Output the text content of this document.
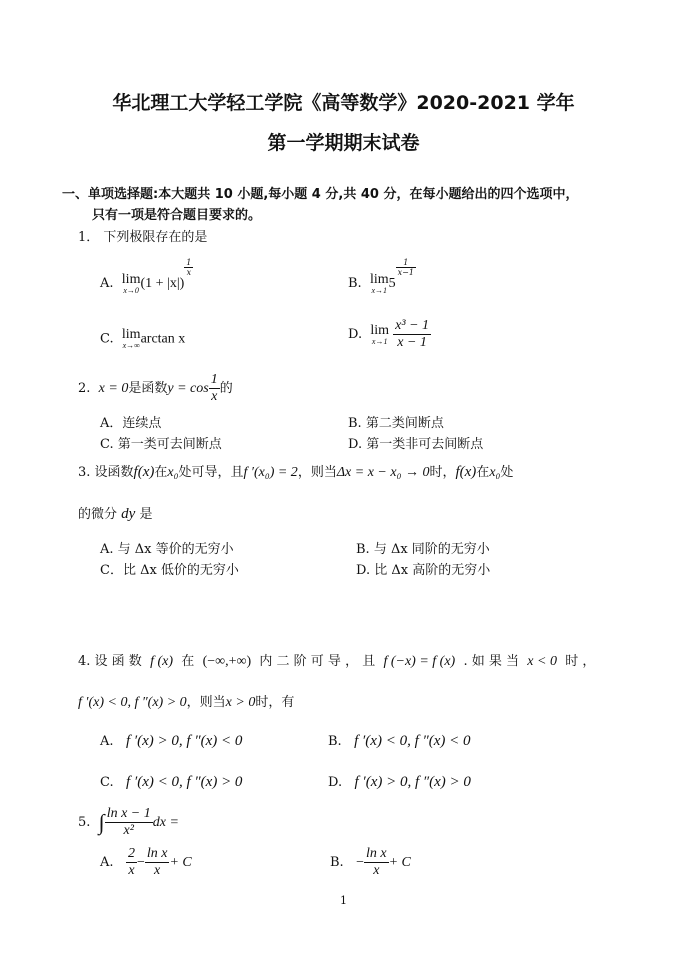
华北理工大学轻工学院《高等数学》2020-2021 学年
第一学期期末试卷
一、单项选择题:本大题共 10 小题,每小题 4 分,共 40 分，在每小题给出的四个选项中，
只有一项是符合题目要求的。
1． 下列极限存在的是
A. lim
x→0 (1 + |x|)
$\frac{1}{x}$
B. lim
x→1 5
$\frac{1}{x-1}$
C. lim
x→∞ arctan x	D. lim
x→1
$\frac{\text{x³ − 1}}{x - 1}$
2. x = 0是函数$y = \cos \frac{1}{x}$ 的
A．连续点	B. 第二类间断点
C. 第一类可去间断点	D. 第一类非可去间断点
3. 设函数f(x)在x₀处可导，且f ′(x₀) = 2，则当Δx = x − x₀ → 0时，f(x)在x₀处
的微分 dy 是
A. 与 Δx 等价的无穷小	B. 与 Δx 同阶的无穷小
C．比 Δx 低价的无穷小	D. 比 Δx 高阶的无穷小
4. 设 函 数 f (x) 在 (−∞,+∞) 内 二 阶 可 导 ， 且 f (−x) = f (x) . 如 果 当 x < 0 时 ，
f ′(x) < 0, f ″(x) > 0，则当x > 0时，有
A. f ′(x) > 0, f ″(x) < 0	B. f ′(x) < 0, f ″(x) < 0
C. f ′(x) < 0, f ″(x) > 0	D. f ′(x) > 0, f ″(x) > 0
5. ∫ $\frac{\text{ln x − 1}}{\text{x²}}$ dx =
A. $\frac{2}{x} - \frac{\text{ln x}}{x} + C$	B. − $\frac{\text{ln x}}{x} + C$
1
